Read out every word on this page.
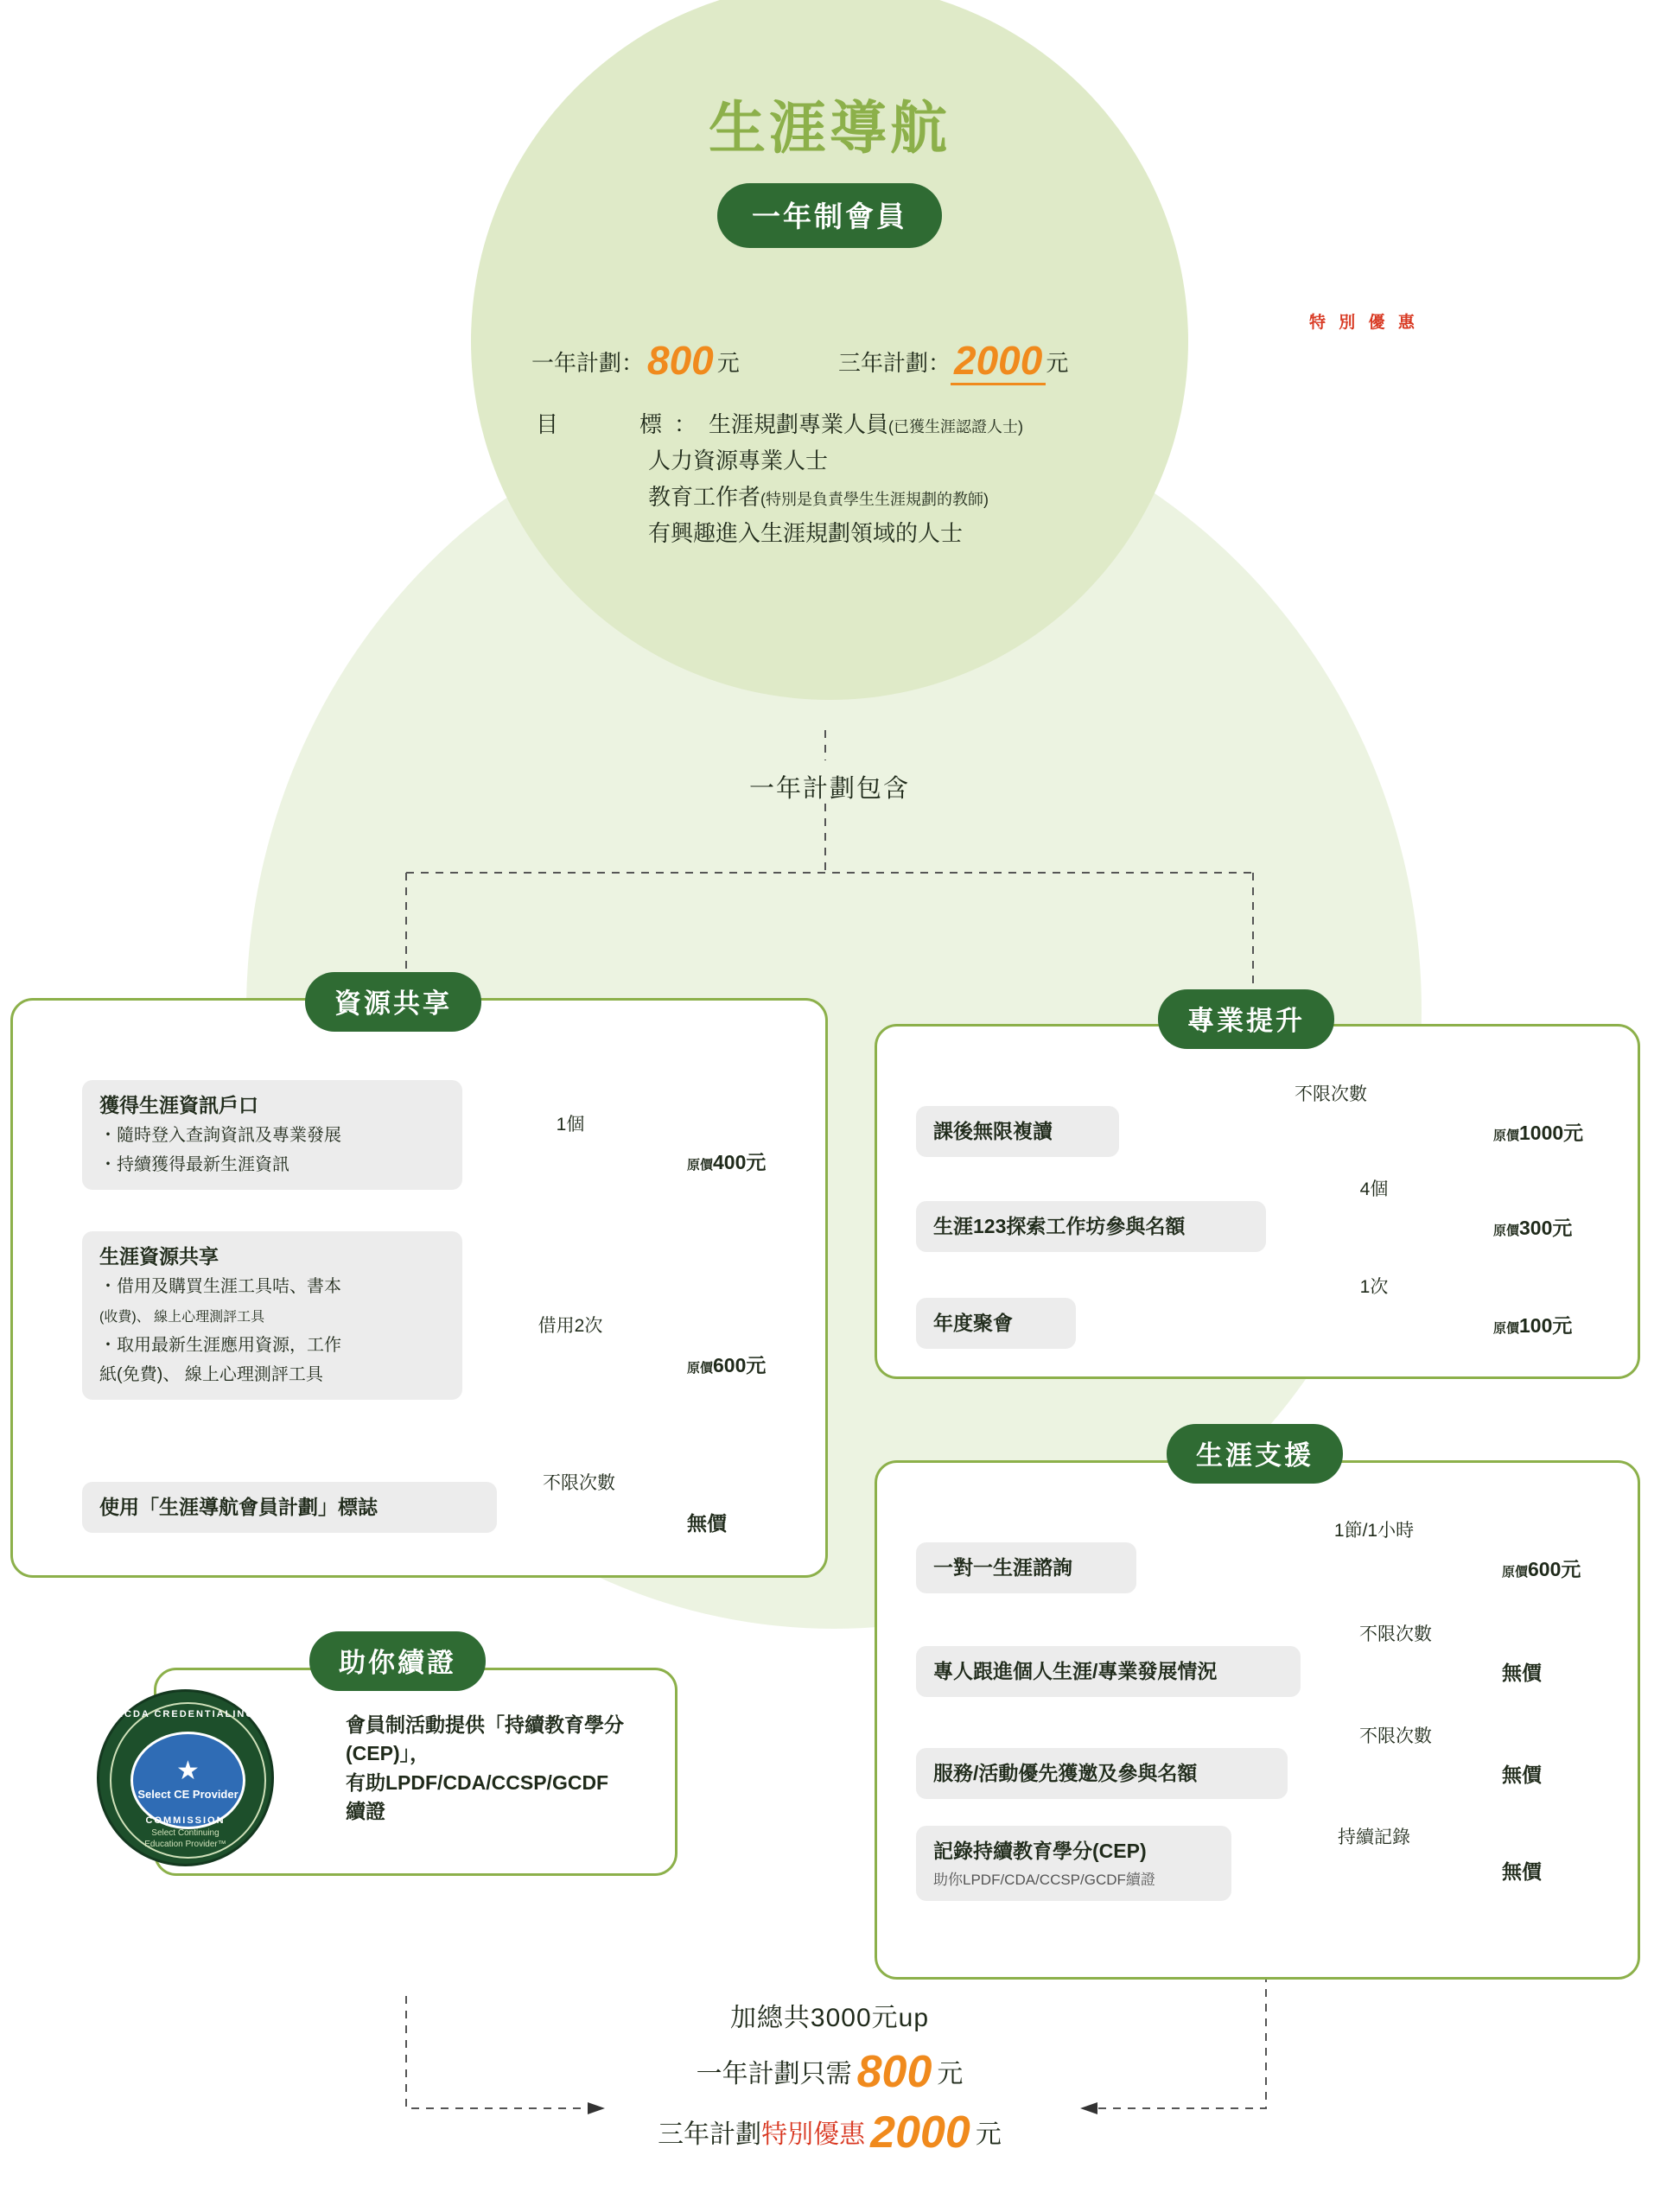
生涯導航
一年制會員
一年計劃：800 元
特 別 優 惠
三年計劃：2000 元
目　　標：生涯規劃專業人員(已獲生涯認證人士)
人力資源專業人士
教育工作者(特別是負責學生生涯規劃的教師)
有興趣進入生涯規劃領域的人士
一年計劃包含
資源共享
獲得生涯資訊戶口
・隨時登入查詢資訊及專業發展
・持續獲得最新生涯資訊
1個
原價400元
生涯資源共享
・借用及購買生涯工具咭、書本
(收費)、 線上心理測評工具
・取用最新生涯應用資源，工作
紙(免費)、 線上心理測評工具
借用2次
原價600元
使用「生涯導航會員計劃」標誌
不限次數
無價
專業提升
課後無限複讀
不限次數
原價1000元
生涯123探索工作坊參與名額
4個
原價300元
年度聚會
1次
原價100元
生涯支援
一對一生涯諮詢
1節/1小時
原價600元
專人跟進個人生涯/專業發展情況
不限次數
無價
服務/活動優先獲邀及參與名額
不限次數
無價
記錄持續教育學分(CEP)
助你LPDF/CDA/CCSP/GCDF續證
持續記錄
無價
助你續證
NCDA CREDENTIALING
★
Select CE Provider
COMMISSION
Select Continuing
Education Provider™
會員制活動提供「持續教育學分
(CEP)」，
有助LPDF/CDA/CCSP/GCDF
續證
加總共3000元up
一年計劃只需 800 元
三年計劃特別優惠 2000 元
